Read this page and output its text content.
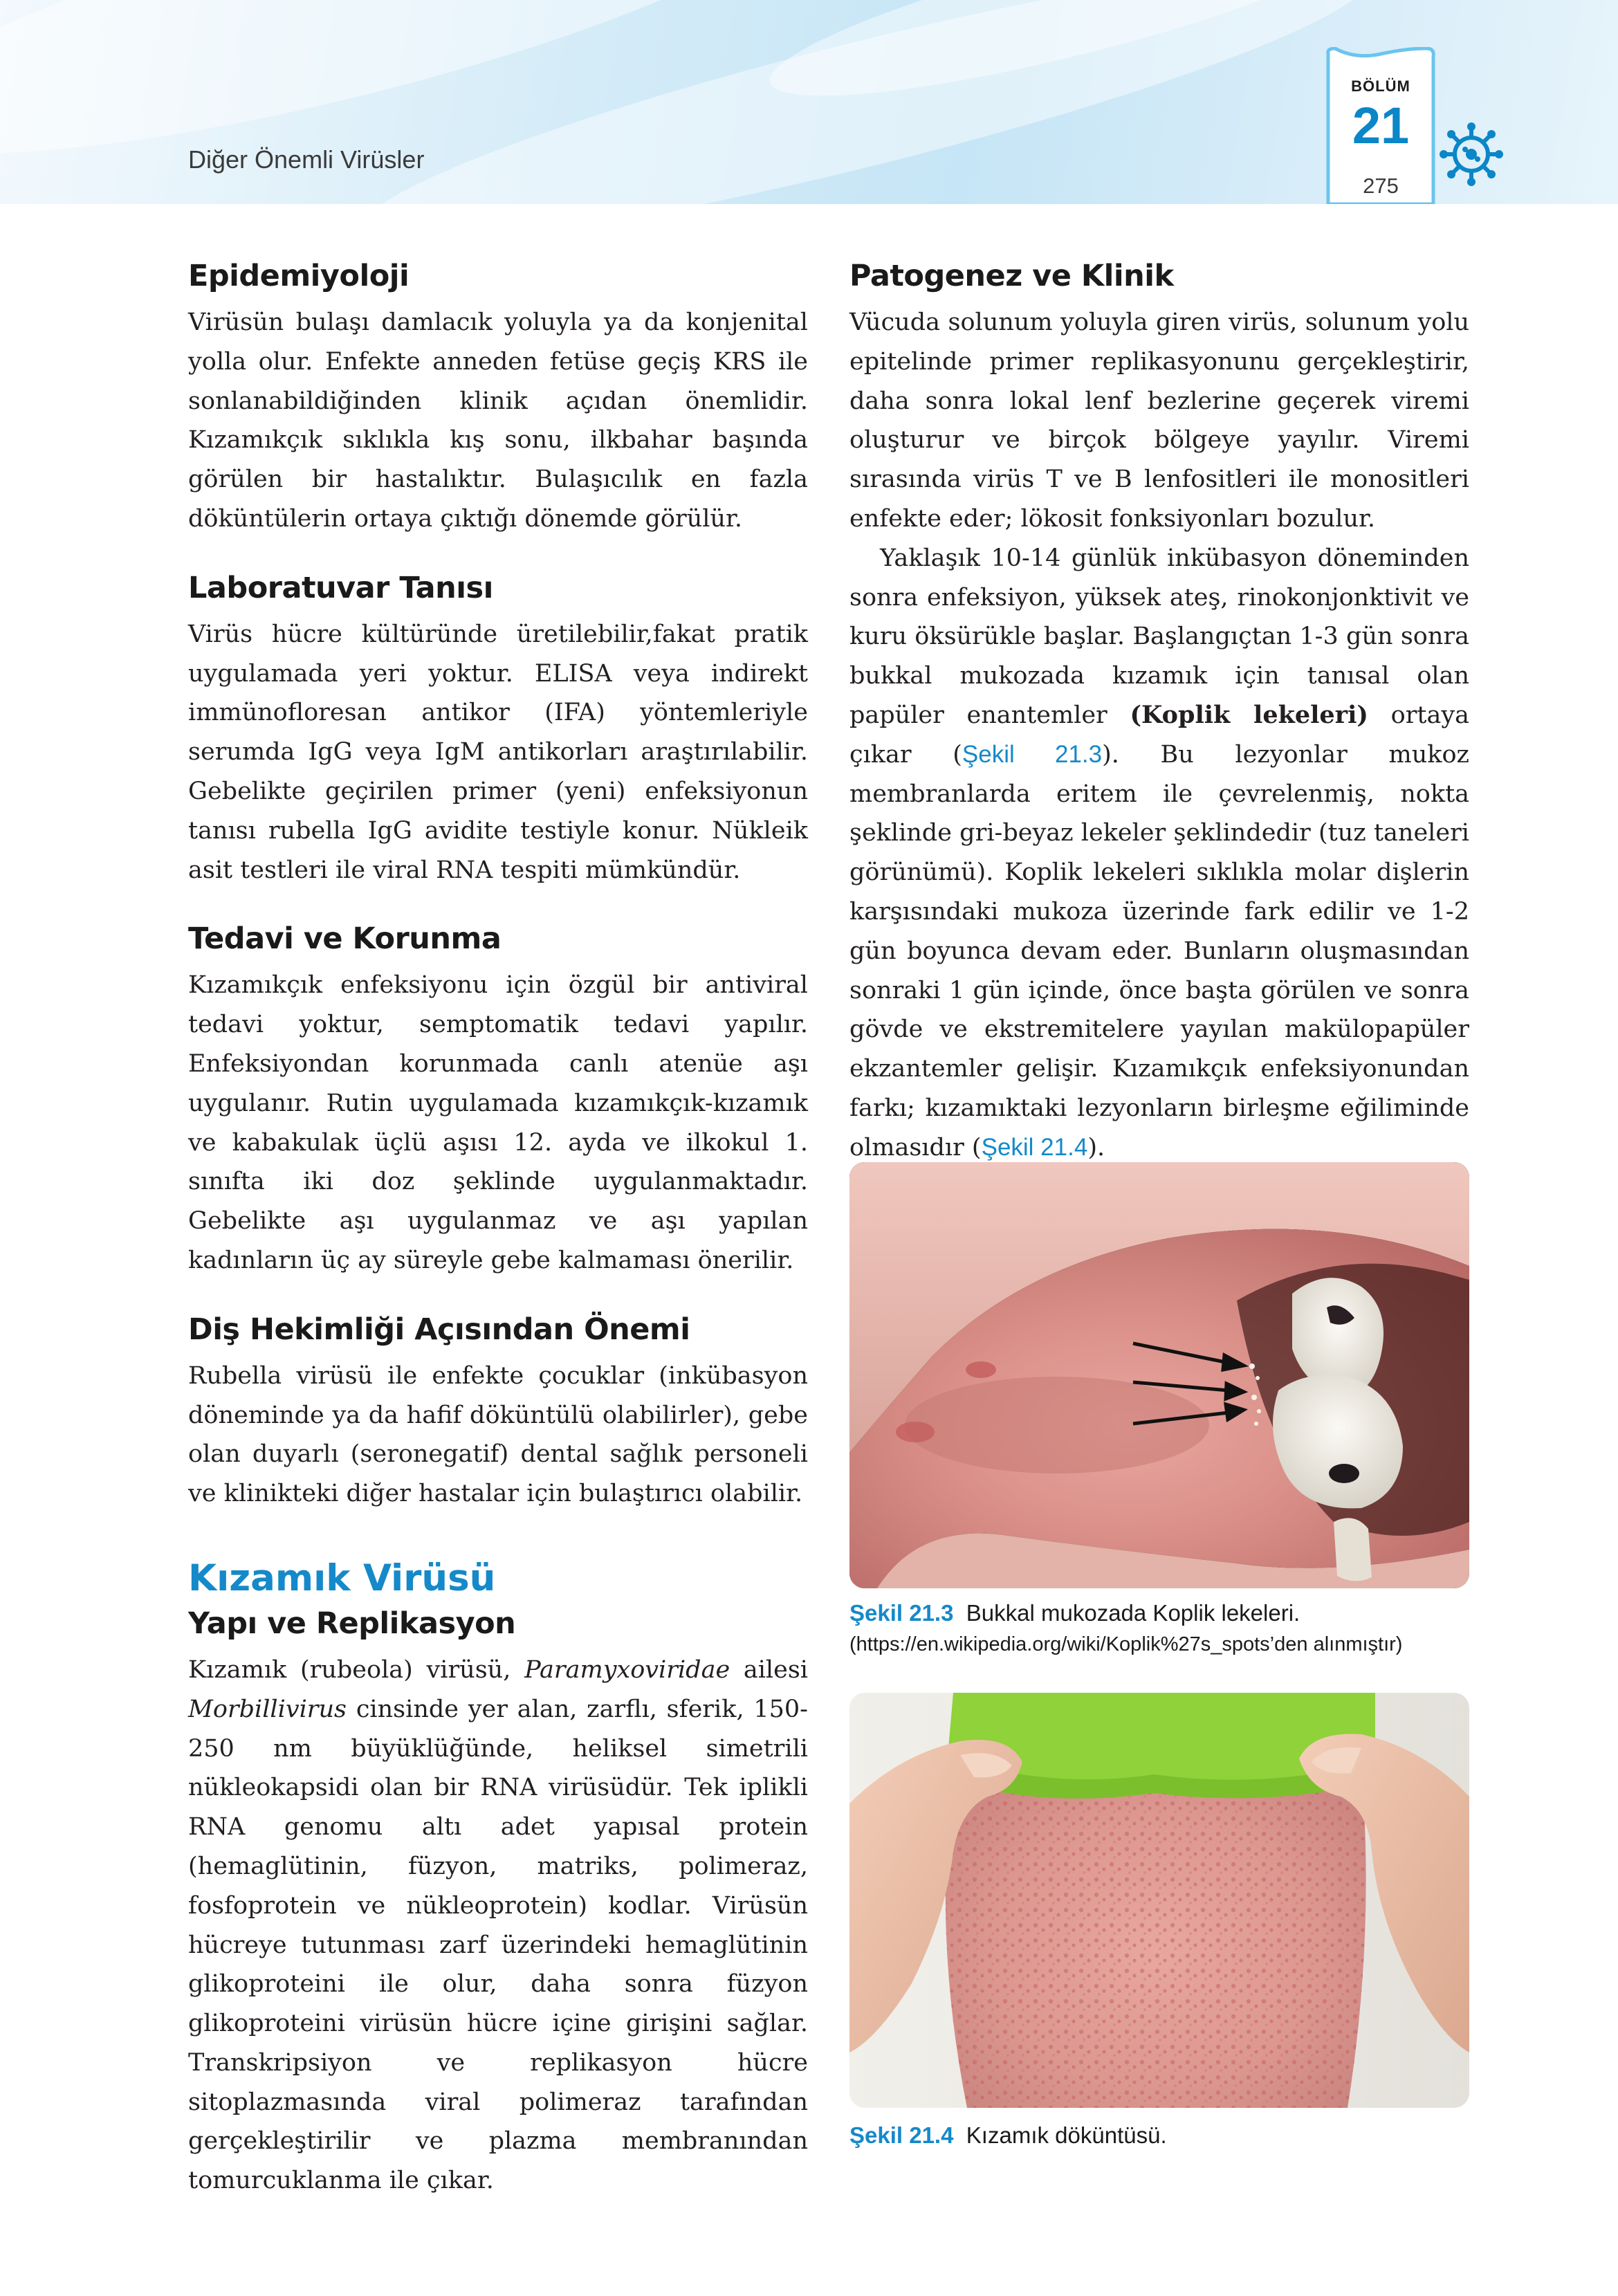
Diğer Önemli Virüsler
BÖLÜM
21
275
Epidemiyoloji

Virüsün bulaşı damlacık yoluyla ya da konjenital yolla olur. Enfekte anneden fetüse geçiş KRS ile sonlanabildiğinden klinik açıdan önemlidir. Kızamıkçık sıklıkla kış sonu, ilkbahar başında görülen bir hastalıktır. Bulaşıcılık en fazla döküntülerin ortaya çıktığı dönemde görülür.

Laboratuvar Tanısı

Virüs hücre kültüründe üretilebilir,fakat pratik uygulamada yeri yoktur. ELISA veya indirekt immünofloresan antikor (IFA) yöntemleriyle serumda IgG veya IgM antikorları araştırılabilir. Gebelikte geçirilen primer (yeni) enfeksiyonun tanısı rubella IgG avidite testiyle konur. Nükleik asit testleri ile viral RNA tespiti mümkündür.

Tedavi ve Korunma

Kızamıkçık enfeksiyonu için özgül bir antiviral tedavi yoktur, semptomatik tedavi yapılır. Enfeksiyondan korunmada canlı atenüe aşı uygulanır. Rutin uygulamada kızamıkçık-kızamık ve kabakulak üçlü aşısı 12. ayda ve ilkokul 1. sınıfta iki doz şeklinde uygulanmaktadır. Gebelikte aşı uygulanmaz ve aşı yapılan kadınların üç ay süreyle gebe kalmaması önerilir.

Diş Hekimliği Açısından Önemi

Rubella virüsü ile enfekte çocuklar (inkübasyon döneminde ya da hafif döküntülü olabilirler), gebe olan duyarlı (seronegatif) dental sağlık personeli ve klinikteki diğer hastalar için bulaştırıcı olabilir.

Kızamık Virüsü
Yapı ve Replikasyon

Kızamık (rubeola) virüsü, Paramyxoviridae ailesi Morbillivirus cinsinde yer alan, zarflı, sferik, 150-250 nm büyüklüğünde, heliksel simetrili nükleokapsidi olan bir RNA virüsüdür. Tek iplikli RNA genomu altı adet yapısal protein (hemaglütinin, füzyon, matriks, polimeraz, fosfoprotein ve nükleoprotein) kodlar. Virüsün hücreye tutunması zarf üzerindeki hemaglütinin glikoproteini ile olur, daha sonra füzyon glikoproteini virüsün hücre içine girişini sağlar. Transkripsiyon ve replikasyon hücre sitoplazmasında viral polimeraz tarafından gerçekleştirilir ve plazma membranından tomurcuklanma ile çıkar.

Patogenez ve Klinik

Vücuda solunum yoluyla giren virüs, solunum yolu epitelinde primer replikasyonunu gerçekleştirir, daha sonra lokal lenf bezlerine geçerek viremi oluşturur ve birçok bölgeye yayılır. Viremi sırasında virüs T ve B lenfositleri ile monositleri enfekte eder; lökosit fonksiyonları bozulur.

Yaklaşık 10-14 günlük inkübasyon döneminden sonra enfeksiyon, yüksek ateş, rinokonjonktivit ve kuru öksürükle başlar. Başlangıçtan 1-3 gün sonra bukkal mukozada kızamık için tanısal olan papüler enantemler (Koplik lekeleri) ortaya çıkar (Şekil 21.3). Bu lezyonlar mukoz membranlarda eritem ile çevrelenmiş, nokta şeklinde gri-beyaz lekeler şeklindedir (tuz taneleri görünümü). Koplik lekeleri sıklıkla molar dişlerin karşısındaki mukoza üzerinde fark edilir ve 1-2 gün boyunca devam eder. Bunların oluşmasından sonraki 1 gün içinde, önce başta görülen ve sonra gövde ve ekstremitelere yayılan makülopapüler ekzantemler gelişir. Kızamıkçık enfeksiyonundan farkı; kızamıktaki lezyonların birleşme eğiliminde olmasıdır (Şekil 21.4).

Şekil 21.3 Bukkal mukozada Koplik lekeleri.
(https://en.wikipedia.org/wiki/Koplik%27s_spots’den alınmıştır)
Şekil 21.4 Kızamık döküntüsü.
